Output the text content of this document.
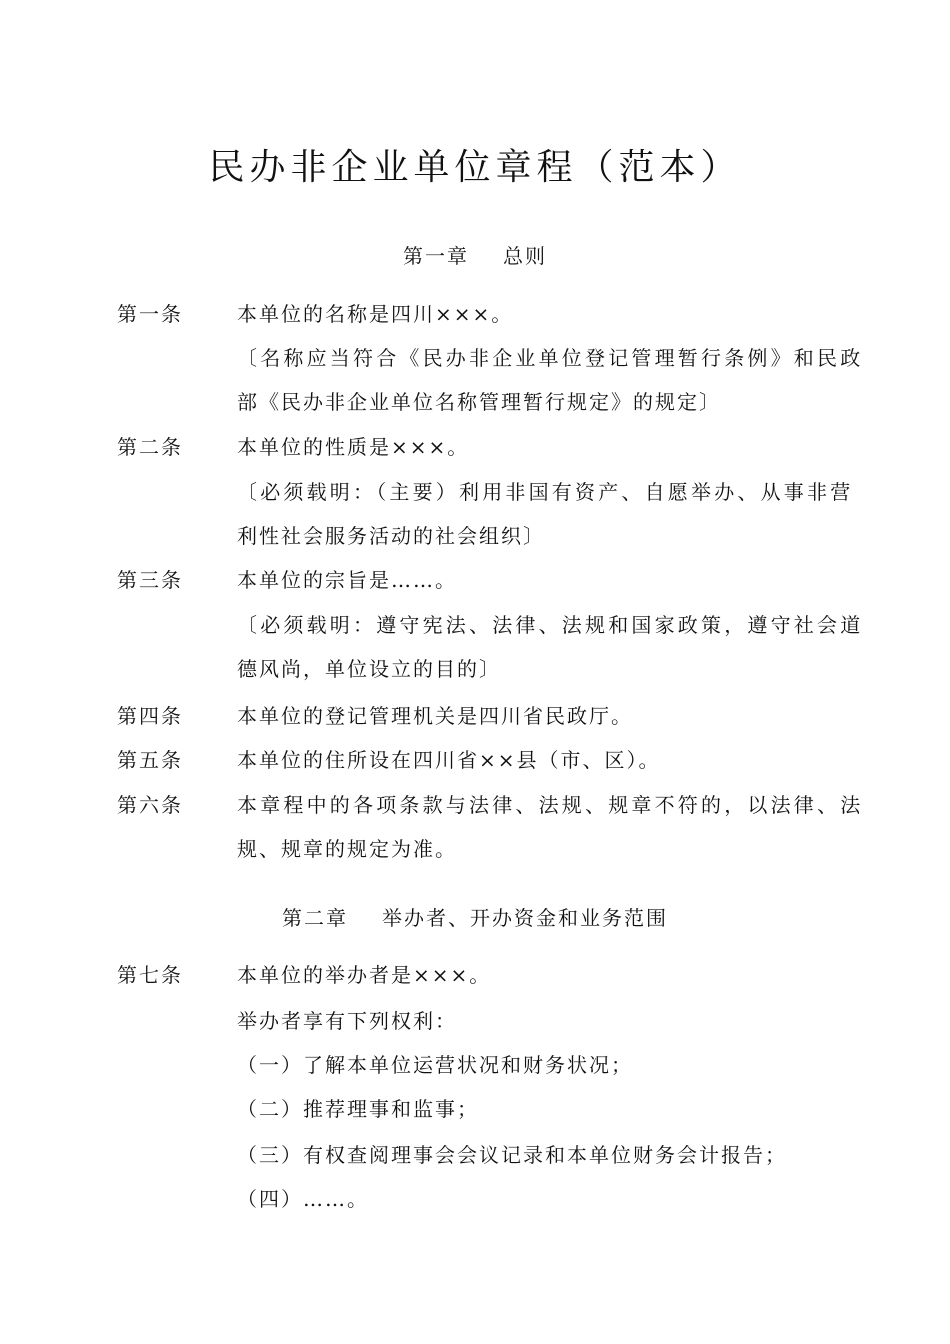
民办非企业单位章程（范本）
第一章 总则
第一条	本单位的名称是四川×××。
〔名称应当符合《民办非企业单位登记管理暂行条例》和民政
部《民办非企业单位名称管理暂行规定》的规定〕
第二条	本单位的性质是×××。
〔必须载明：（主要）利用非国有资产、自愿举办、从事非营
利性社会服务活动的社会组织〕
第三条	本单位的宗旨是……。
〔必须载明：遵守宪法、法律、法规和国家政策，遵守社会道
德风尚，单位设立的目的〕
第四条	本单位的登记管理机关是四川省民政厅。
第五条	本单位的住所设在四川省××县（市、区）。
第六条	本章程中的各项条款与法律、法规、规章不符的，以法律、法
规、规章的规定为准。
第二章 举办者、开办资金和业务范围
第七条	本单位的举办者是×××。
举办者享有下列权利：
（一）了解本单位运营状况和财务状况；
（二）推荐理事和监事；
（三）有权查阅理事会会议记录和本单位财务会计报告；
（四）……。
